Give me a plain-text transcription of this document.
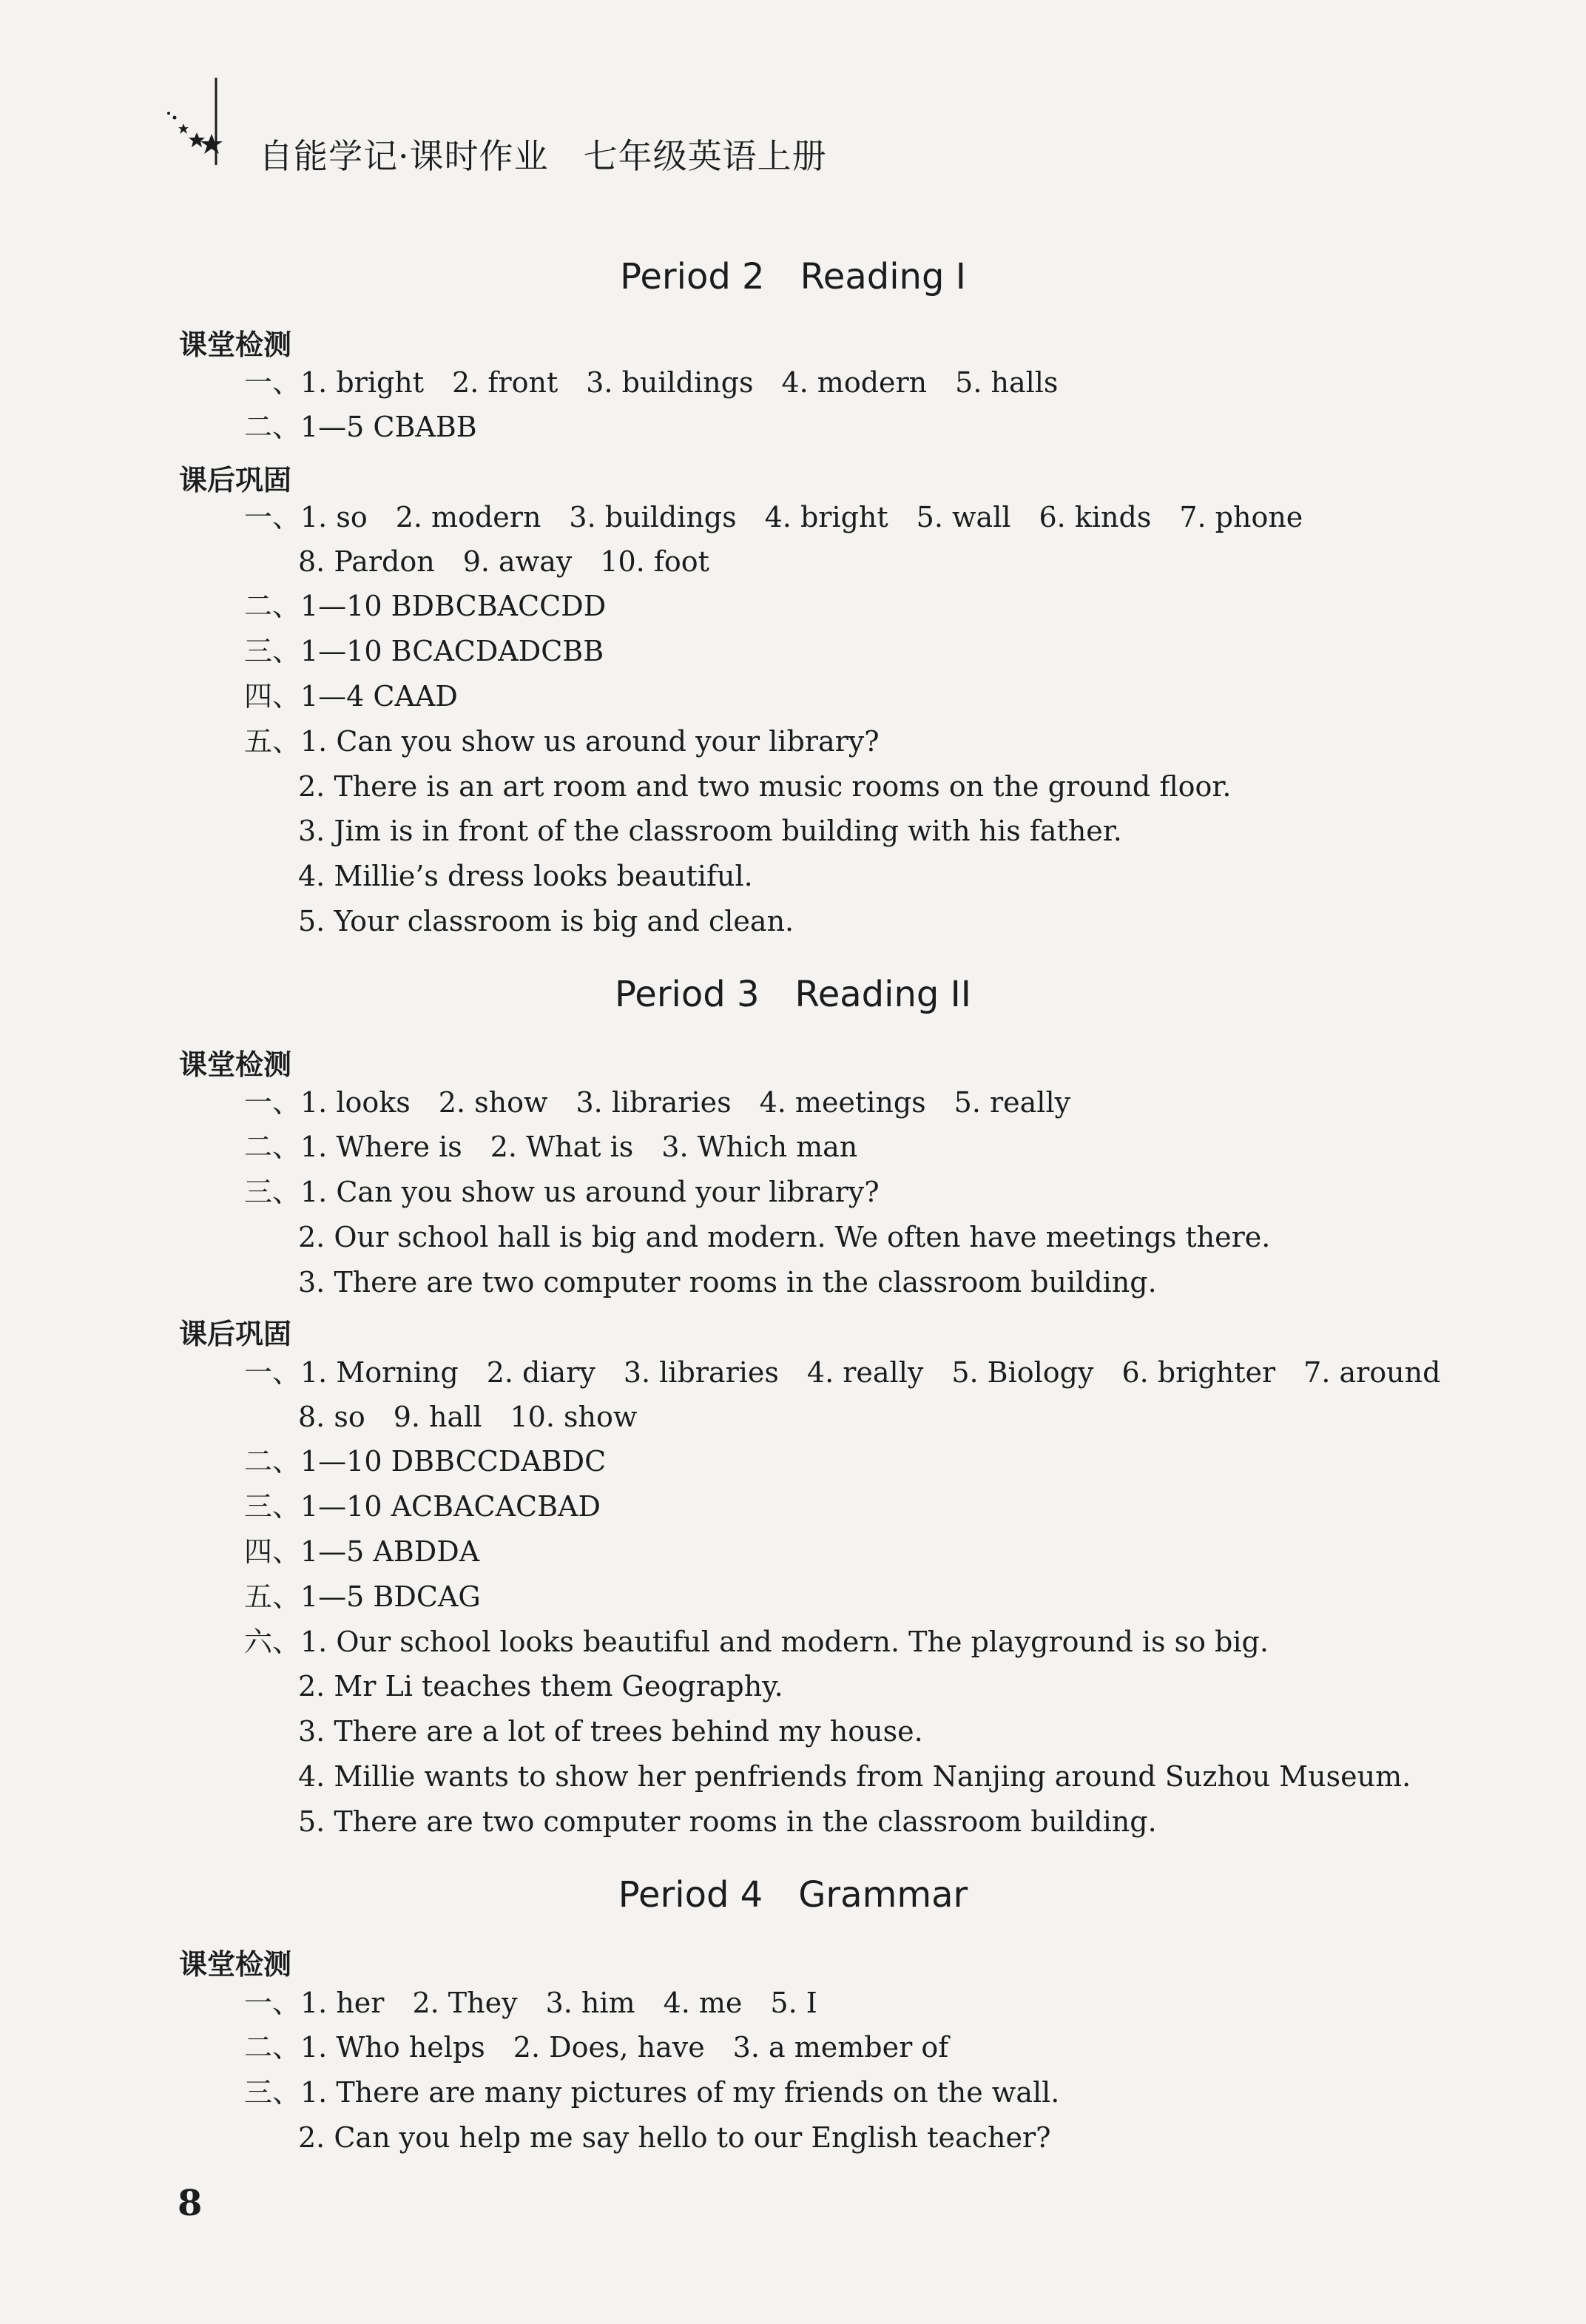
自能学记·课时作业　七年级英语上册
Period 2　Reading I
课堂检测
一、1. bright　2. front　3. buildings　4. modern　5. halls
二、1—5 CBABB
课后巩固
一、1. so　2. modern　3. buildings　4. bright　5. wall　6. kinds　7. phone
8. Pardon　9. away　10. foot
二、1—10 BDBCBACCDD
三、1—10 BCACDADCBB
四、1—4 CAAD
五、1. Can you show us around your library?
2. There is an art room and two music rooms on the ground floor.
3. Jim is in front of the classroom building with his father.
4. Millie’s dress looks beautiful.
5. Your classroom is big and clean.
Period 3　Reading II
课堂检测
一、1. looks　2. show　3. libraries　4. meetings　5. really
二、1. Where is　2. What is　3. Which man
三、1. Can you show us around your library?
2. Our school hall is big and modern. We often have meetings there.
3. There are two computer rooms in the classroom building.
课后巩固
一、1. Morning　2. diary　3. libraries　4. really　5. Biology　6. brighter　7. around
8. so　9. hall　10. show
二、1—10 DBBCCDABDC
三、1—10 ACBACACBAD
四、1—5 ABDDA
五、1—5 BDCAG
六、1. Our school looks beautiful and modern. The playground is so big.
2. Mr Li teaches them Geography.
3. There are a lot of trees behind my house.
4. Millie wants to show her penfriends from Nanjing around Suzhou Museum.
5. There are two computer rooms in the classroom building.
Period 4　Grammar
课堂检测
一、1. her　2. They　3. him　4. me　5. I
二、1. Who helps　2. Does, have　3. a member of
三、1. There are many pictures of my friends on the wall.
2. Can you help me say hello to our English teacher?
8
